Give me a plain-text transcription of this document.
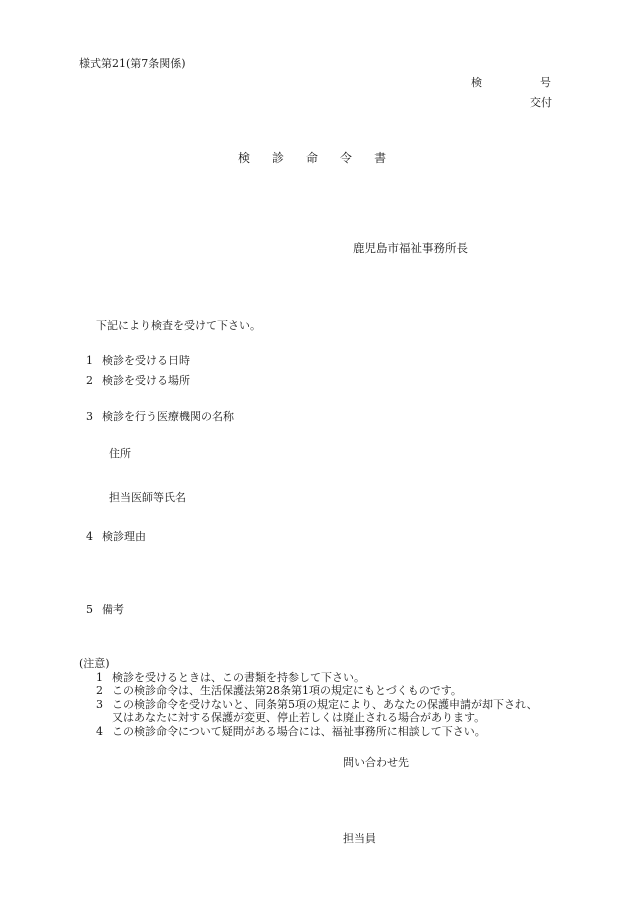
様式第21(第7条関係)
検	号
交付
検 診 命 令 書
鹿児島市福祉事務所長
下記により検査を受けて下さい。
1 検診を受ける日時
2 検診を受ける場所
3 検診を行う医療機関の名称
住所
担当医師等氏名
4 検診理由
5 備考
(注意)
1 検診を受けるときは、この書類を持参して下さい。
2 この検診命令は、生活保護法第28条第1項の規定にもとづくものです。
3 この検診命令を受けないと、同条第5項の規定により、あなたの保護申請が却下され、
又はあなたに対する保護が変更、停止若しくは廃止される場合があります。
4 この検診命令について疑問がある場合には、福祉事務所に相談して下さい。
問い合わせ先
担当員
